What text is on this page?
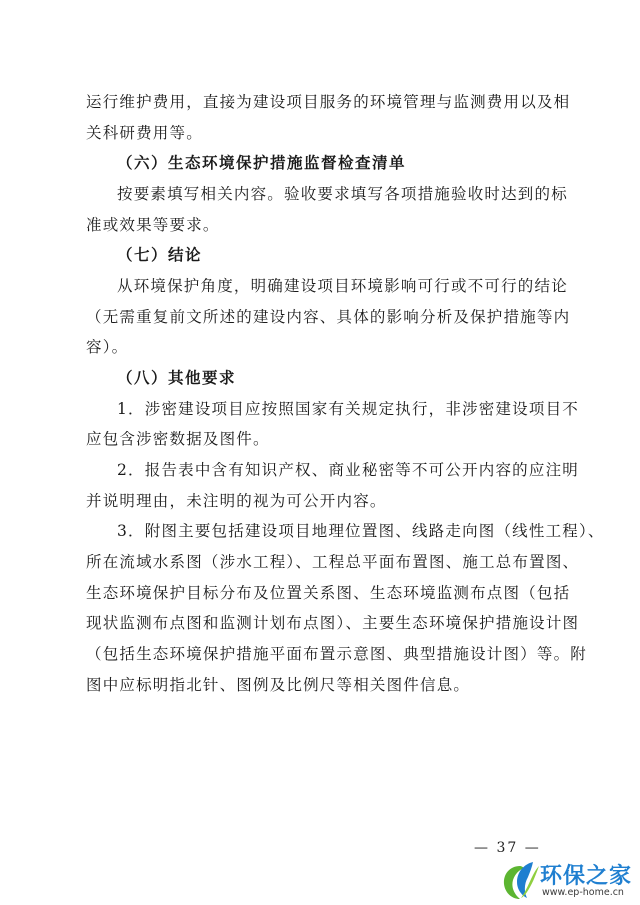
运行维护费用，直接为建设项目服务的环境管理与监测费用以及相
关科研费用等。
（六）生态环境保护措施监督检查清单
按要素填写相关内容。验收要求填写各项措施验收时达到的标
准或效果等要求。
（七）结论
从环境保护角度，明确建设项目环境影响可行或不可行的结论
（无需重复前文所述的建设内容、具体的影响分析及保护措施等内
容）。
（八）其他要求
1．涉密建设项目应按照国家有关规定执行，非涉密建设项目不
应包含涉密数据及图件。
2．报告表中含有知识产权、商业秘密等不可公开内容的应注明
并说明理由，未注明的视为可公开内容。
3．附图主要包括建设项目地理位置图、线路走向图（线性工程）、
所在流域水系图（涉水工程）、工程总平面布置图、施工总布置图、
生态环境保护目标分布及位置关系图、生态环境监测布点图（包括
现状监测布点图和监测计划布点图）、主要生态环境保护措施设计图
（包括生态环境保护措施平面布置示意图、典型措施设计图）等。附
图中应标明指北针、图例及比例尺等相关图件信息。
— 37 —
环保之家
www.ep-home.cn
